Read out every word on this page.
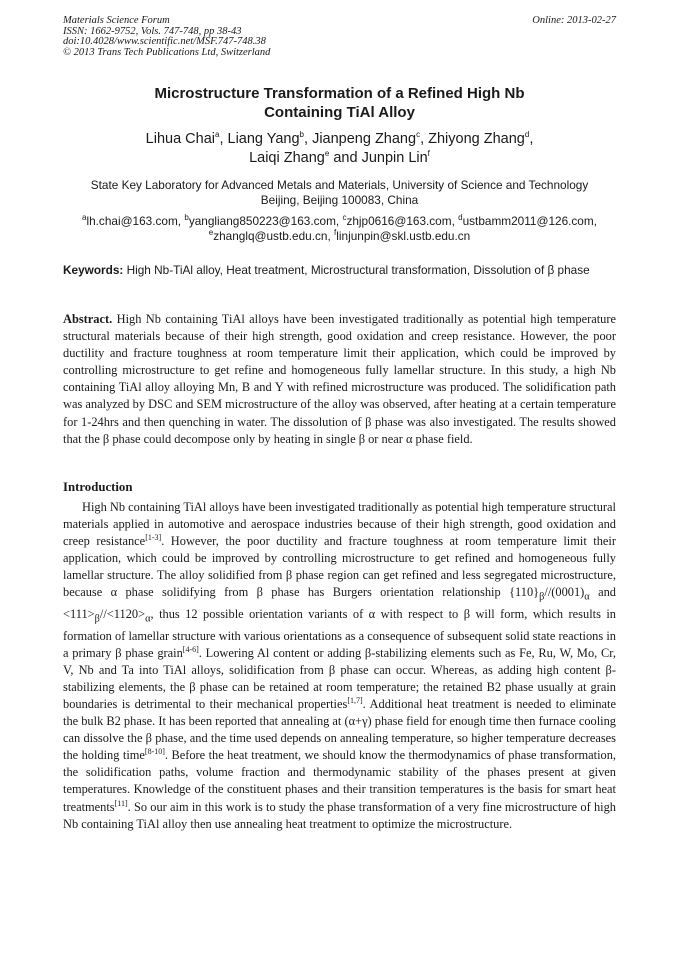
Materials Science Forum
ISSN: 1662-9752, Vols. 747-748, pp 38-43
doi:10.4028/www.scientific.net/MSF.747-748.38
© 2013 Trans Tech Publications Ltd, Switzerland
Online: 2013-02-27
Microstructure Transformation of a Refined High Nb
Containing TiAl Alloy
Lihua Chai$^a$, Liang Yang$^b$, Jianpeng Zhang$^c$, Zhiyong Zhang$^d$,
Laiqi Zhang$^e$ and Junpin Lin$^f$
State Key Laboratory for Advanced Metals and Materials, University of Science and Technology
Beijing, Beijing 100083, China
$^a$lh.chai@163.com, $^b$yangliang850223@163.com, $^c$zhjp0616@163.com, $^d$ustbamm2011@126.com,
$^e$zhanglq@ustb.edu.cn, $^f$linjunpin@skl.ustb.edu.cn
Keywords: High Nb-TiAl alloy, Heat treatment, Microstructural transformation, Dissolution of β phase
Abstract. High Nb containing TiAl alloys have been investigated traditionally as potential high temperature structural materials because of their high strength, good oxidation and creep resistance. However, the poor ductility and fracture toughness at room temperature limit their application, which could be improved by controlling microstructure to get refine and homogeneous fully lamellar structure. In this study, a high Nb containing TiAl alloy alloying Mn, B and Y with refined microstructure was produced. The solidification path was analyzed by DSC and SEM microstructure of the alloy was observed, after heating at a certain temperature for 1-24hrs and then quenching in water. The dissolution of β phase was also investigated. The results showed that the β phase could decompose only by heating in single β or near α phase field.
Introduction
High Nb containing TiAl alloys have been investigated traditionally as potential high temperature structural materials applied in automotive and aerospace industries because of their high strength, good oxidation and creep resistance[1-3]. However, the poor ductility and fracture toughness at room temperature limit their application, which could be improved by controlling microstructure to get refined and homogeneous fully lamellar structure. The alloy solidified from β phase region can get refined and less segregated microstructure, because α phase solidifying from β phase has Burgers orientation relationship $\{110\}_\beta//(0001)_\alpha$ and $<111>_\beta//<1120>_\alpha$, thus 12 possible orientation variants of α with respect to β will form, which results in formation of lamellar structure with various orientations as a consequence of subsequent solid state reactions in a primary β phase grain[4-6]. Lowering Al content or adding β-stabilizing elements such as Fe, Ru, W, Mo, Cr, V, Nb and Ta into TiAl alloys, solidification from β phase can occur. Whereas, as adding high content β-stabilizing elements, the β phase can be retained at room temperature; the retained B2 phase usually at grain boundaries is detrimental to their mechanical properties[1,7]. Additional heat treatment is needed to eliminate the bulk B2 phase. It has been reported that annealing at (α+γ) phase field for enough time then furnace cooling can dissolve the β phase, and the time used depends on annealing temperature, so higher temperature decreases the holding time[8-10]. Before the heat treatment, we should know the thermodynamics of phase transformation, the solidification paths, volume fraction and thermodynamic stability of the phases present at given temperatures. Knowledge of the constituent phases and their transition temperatures is the basis for smart heat treatments[11]. So our aim in this work is to study the phase transformation of a very fine microstructure of high Nb containing TiAl alloy then use annealing heat treatment to optimize the microstructure.
